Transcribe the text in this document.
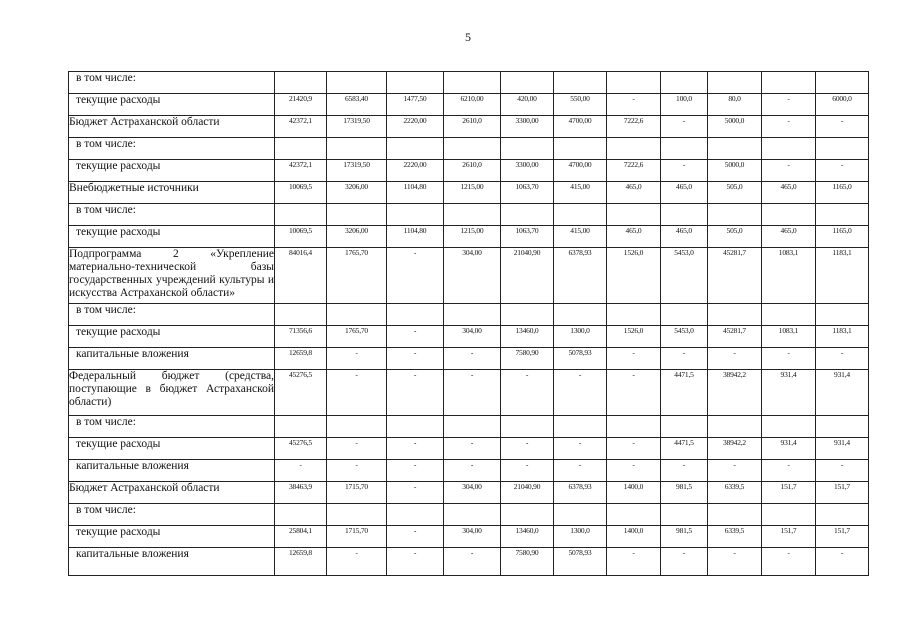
5
в том числе:											
текущие расходы	21420,9	6583,40	1477,50	6210,00	420,00	550,00	-	100,0	80,0	-	6000,0
Бюджет Астраханской области	42372,1	17319,50	2220,00	2610,0	3300,00	4700,00	7222,6	-	5000,0	-	-
в том числе:											
текущие расходы	42372,1	17319,50	2220,00	2610,0	3300,00	4700,00	7222,6	-	5000,0	-	-
Внебюджетные источники	10069,5	3206,00	1104,80	1215,00	1063,70	415,00	465,0	465,0	505,0	465,0	1165,0
в том числе:											
текущие расходы	10069,5	3206,00	1104,80	1215,00	1063,70	415,00	465,0	465,0	505,0	465,0	1165,0
Подпрограмма 2 «Укрепление материально-технической базы государственных учреждений культуры и искусства Астраханской области»	84016,4	1765,70	-	304,00	21040,90	6378,93	1526,0	5453,0	45281,7	1083,1	1183,1
в том числе:											
текущие расходы	71356,6	1765,70	-	304,00	13460,0	1300,0	1526,0	5453,0	45281,7	1083,1	1183,1
капитальные вложения	12659,8	-	-	-	7580,90	5078,93	-	-	-	-	-
Федеральный бюджет (средства, поступающие в бюджет Астраханской области)	45276,5	-	-	-	-	-	-	4471,5	38942,2	931,4	931,4
в том числе:											
текущие расходы	45276,5	-	-	-	-	-	-	4471,5	38942,2	931,4	931,4
капитальные вложения	-	-	-	-	-	-	-	-	-	-	-
Бюджет Астраханской области	38463,9	1715,70	-	304,00	21040,90	6378,93	1400,0	981,5	6339,5	151,7	151,7
в том числе:											
текущие расходы	25804,1	1715,70	-	304,00	13460,0	1300,0	1400,0	981,5	6339,5	151,7	151,7
капитальные вложения	12659,8	-	-	-	7580,90	5078,93	-	-	-	-	-
